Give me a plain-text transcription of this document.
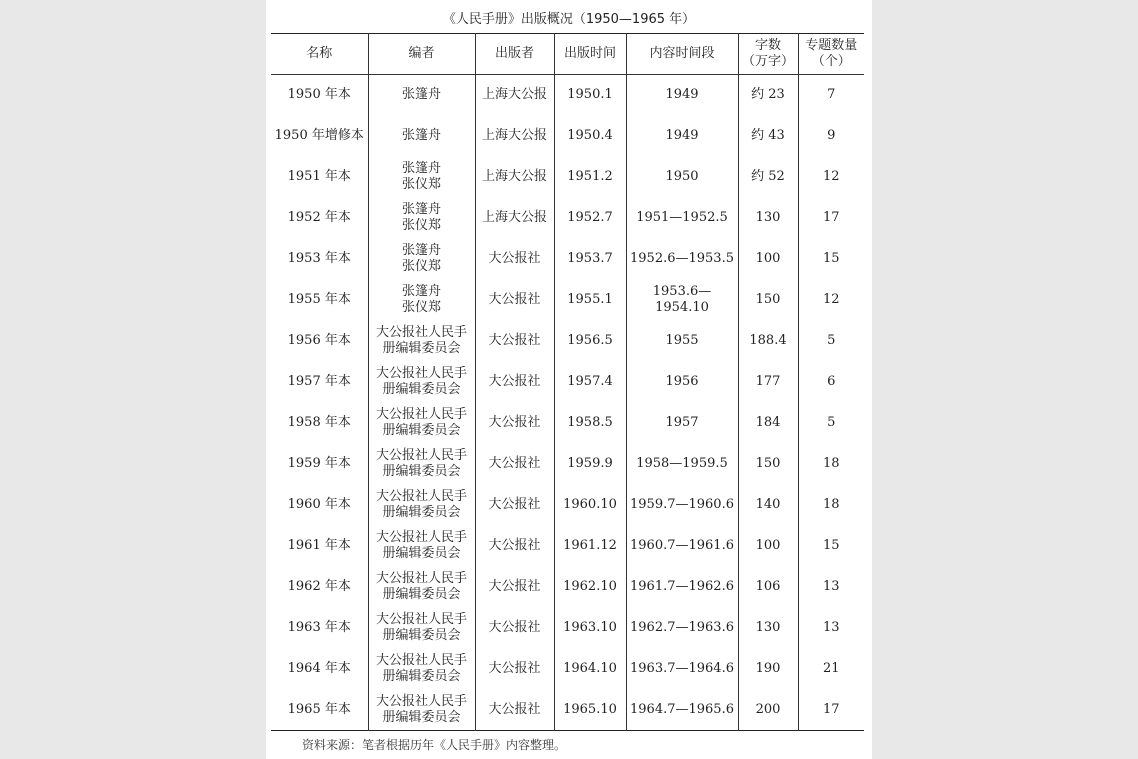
《人民手册》出版概况（1950—1965 年）
名称	编者	出版者	出版时间	内容时间段	字数
（万字）	专题数量
（个）

1950 年本	张篷舟	上海大公报	1950.1	1949	约 23	7

1950 年增修本	张篷舟	上海大公报	1950.4	1949	约 43	9

1951 年本	张篷舟
张仪郑	上海大公报	1951.2	1950	约 52	12

1952 年本	张篷舟
张仪郑	上海大公报	1952.7	1951—1952.5	130	17

1953 年本	张篷舟
张仪郑	大公报社	1953.7	1952.6—1953.5	100	15

1955 年本	张篷舟
张仪郑	大公报社	1955.1	1953.6—1954.10	150	12

1956 年本	大公报社人民手
册编辑委员会	大公报社	1956.5	1955	188.4	5

1957 年本	大公报社人民手
册编辑委员会	大公报社	1957.4	1956	177	6

1958 年本	大公报社人民手
册编辑委员会	大公报社	1958.5	1957	184	5

1959 年本	大公报社人民手
册编辑委员会	大公报社	1959.9	1958—1959.5	150	18

1960 年本	大公报社人民手
册编辑委员会	大公报社	1960.10	1959.7—1960.6	140	18

1961 年本	大公报社人民手
册编辑委员会	大公报社	1961.12	1960.7—1961.6	100	15

1962 年本	大公报社人民手
册编辑委员会	大公报社	1962.10	1961.7—1962.6	106	13

1963 年本	大公报社人民手
册编辑委员会	大公报社	1963.10	1962.7—1963.6	130	13

1964 年本	大公报社人民手
册编辑委员会	大公报社	1964.10	1963.7—1964.6	190	21

1965 年本	大公报社人民手
册编辑委员会	大公报社	1965.10	1964.7—1965.6	200	17
资料来源：笔者根据历年《人民手册》内容整理。
